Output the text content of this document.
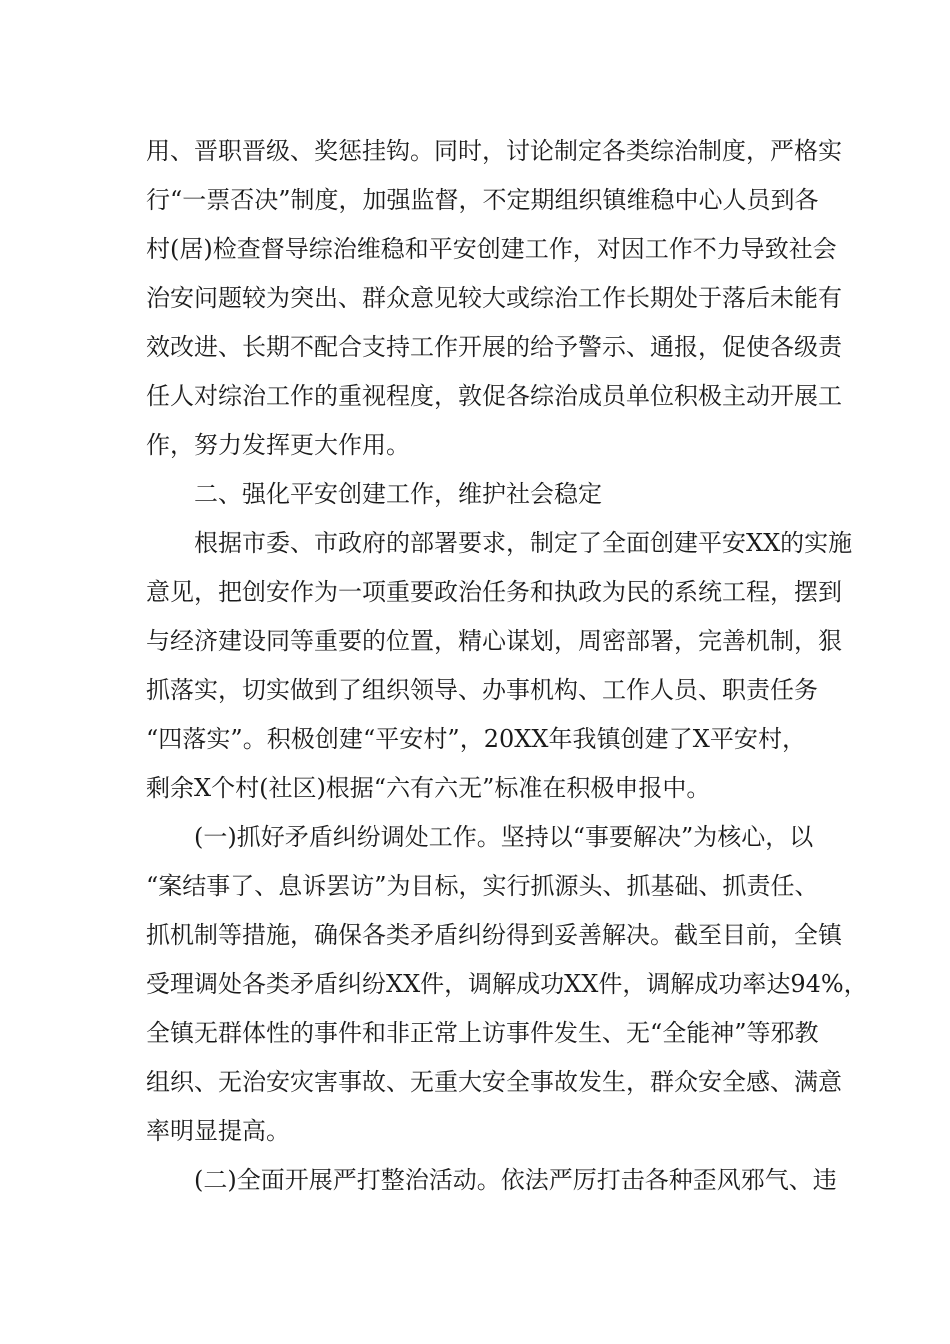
用、晋职晋级、奖惩挂钩。同时，讨论制定各类综治制度，严格实
行“一票否决”制度，加强监督，不定期组织镇维稳中心人员到各
村(居)检查督导综治维稳和平安创建工作，对因工作不力导致社会
治安问题较为突出、群众意见较大或综治工作长期处于落后未能有
效改进、长期不配合支持工作开展的给予警示、通报，促使各级责
任人对综治工作的重视程度，敦促各综治成员单位积极主动开展工
作，努力发挥更大作用。
二、强化平安创建工作，维护社会稳定
根据市委、市政府的部署要求，制定了全面创建平安XX的实施
意见，把创安作为一项重要政治任务和执政为民的系统工程，摆到
与经济建设同等重要的位置，精心谋划，周密部署，完善机制，狠
抓落实，切实做到了组织领导、办事机构、工作人员、职责任务
“四落实”。积极创建“平安村”，20XX年我镇创建了X平安村，
剩余X个村(社区)根据“六有六无”标准在积极申报中。
(一)抓好矛盾纠纷调处工作。坚持以“事要解决”为核心，以
“案结事了、息诉罢访”为目标，实行抓源头、抓基础、抓责任、
抓机制等措施，确保各类矛盾纠纷得到妥善解决。截至目前，全镇
受理调处各类矛盾纠纷XX件，调解成功XX件，调解成功率达94%，
全镇无群体性的事件和非正常上访事件发生、无“全能神”等邪教
组织、无治安灾害事故、无重大安全事故发生，群众安全感、满意
率明显提高。
(二)全面开展严打整治活动。依法严厉打击各种歪风邪气、违
